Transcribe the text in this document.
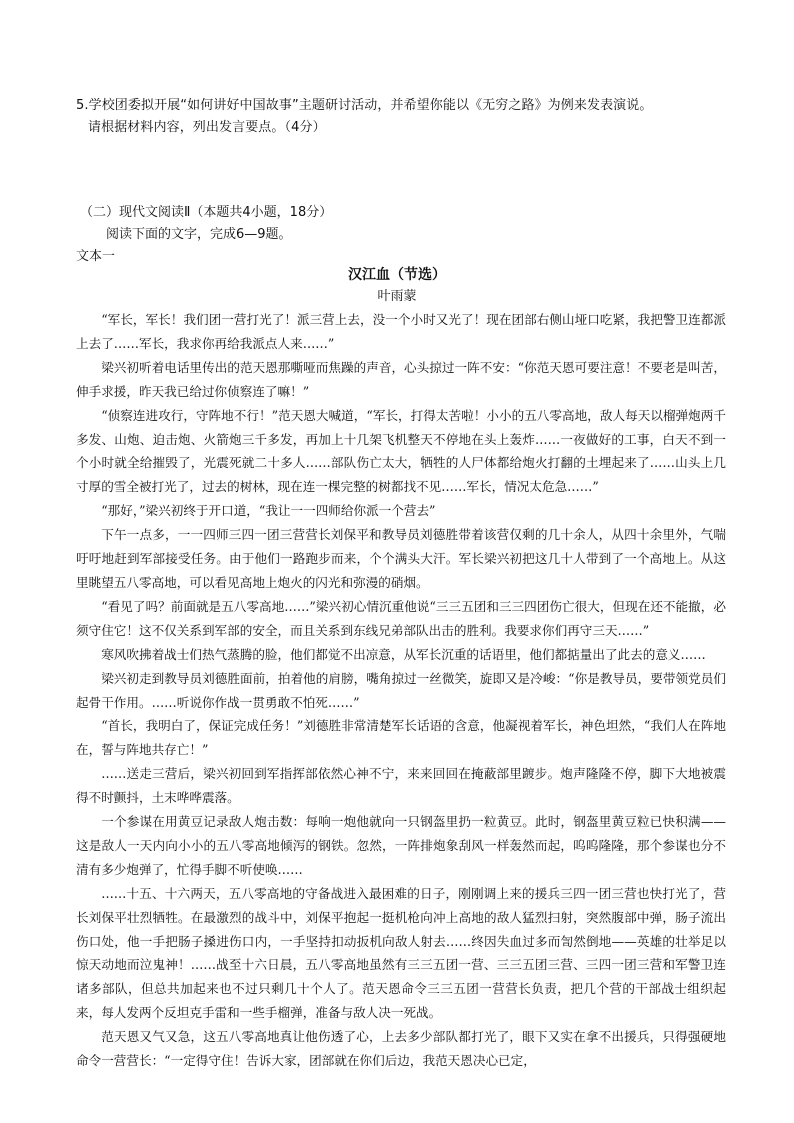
5.学校团委拟开展“如何讲好中国故事”主题研讨活动，并希望你能以《无穷之路》为例来发表演说。
请根据材料内容，列出发言要点。（4分）
（二）现代文阅读Ⅱ（本题共4小题，18分）
阅读下面的文字，完成6—9题。
文本一
汉江血（节选）
叶雨蒙

“军长，军长！我们团一营打光了！派三营上去，没一个小时又光了！现在团部右侧山垭口吃紧，我把警卫连都派上去了……军长，我求你再给我派点人来……”

梁兴初听着电话里传出的范天恩那嘶哑而焦躁的声音，心头掠过一阵不安：“你范天恩可要注意！不要老是叫苦，伸手求援，昨天我已给过你侦察连了嘛！”

“侦察连进攻行，守阵地不行！”范天恩大喊道，“军长，打得太苦啦！小小的五八零高地，敌人每天以榴弹炮两千多发、山炮、迫击炮、火箭炮三千多发，再加上十几架飞机整天不停地在头上轰炸……一夜做好的工事，白天不到一个小时就全给摧毁了，光震死就二十多人……部队伤亡太大，牺牲的人尸体都给炮火打翻的土埋起来了……山头上几寸厚的雪全被打光了，过去的树林，现在连一棵完整的树都找不见……军长，情况太危急……”

“那好，”梁兴初终于开口道，“我让一一四师给你派一个营去”

下午一点多，一一四师三四一团三营营长刘保平和教导员刘德胜带着该营仅剩的几十余人，从四十余里外，气喘吁吁地赶到军部接受任务。由于他们一路跑步而来，个个满头大汗。军长梁兴初把这几十人带到了一个高地上。从这里眺望五八零高地，可以看见高地上炮火的闪光和弥漫的硝烟。

“看见了吗？前面就是五八零高地……”梁兴初心情沉重他说“三三五团和三三四团伤亡很大，但现在还不能撤，必须守住它！这不仅关系到军部的安全，而且关系到东线兄弟部队出击的胜利。我要求你们再守三天……”

寒风吹拂着战士们热气蒸腾的脸，他们都觉不出凉意，从军长沉重的话语里，他们都掂量出了此去的意义……

梁兴初走到教导员刘德胜面前，拍着他的肩膀，嘴角掠过一丝微笑，旋即又是冷峻：“你是教导员，要带领党员们起骨干作用。……听说你作战一贯勇敢不怕死……”

“首长，我明白了，保证完成任务！”刘德胜非常清楚军长话语的含意，他凝视着军长，神色坦然，“我们人在阵地在，誓与阵地共存亡！”

……送走三营后，梁兴初回到军指挥部依然心神不宁，来来回回在掩蔽部里踱步。炮声隆隆不停，脚下大地被震得不时颤抖，土末哗哗震落。

一个参谋在用黄豆记录敌人炮击数：每响一炮他就向一只钢盔里扔一粒黄豆。此时，钢盔里黄豆粒已快积满——这是敌人一天内向小小的五八零高地倾泻的钢铁。忽然，一阵排炮象刮风一样轰然而起，呜呜隆隆，那个参谋也分不清有多少炮弹了，忙得手脚不听使唤……

……十五、十六两天，五八零高地的守备战进入最困难的日子，刚刚调上来的援兵三四一团三营也快打光了，营长刘保平壮烈牺牲。在最激烈的战斗中，刘保平抱起一挺机枪向冲上高地的敌人猛烈扫射，突然腹部中弹，肠子流出伤口处，他一手把肠子搡进伤口内，一手坚持扣动扳机向敌人射去……终因失血过多而訇然倒地——英雄的壮举足以惊天动地而泣鬼神！……战至十六日晨，五八零高地虽然有三三五团一营、三三五团三营、三四一团三营和军警卫连诸多部队，但总共加起来也不过只剩几十个人了。范天恩命令三三五团一营营长负责，把几个营的干部战士组织起来，每人发两个反坦克手雷和一些手榴弹，准备与敌人决一死战。

范天恩又气又急，这五八零高地真让他伤透了心，上去多少部队都打光了，眼下又实在拿不出援兵，只得强硬地命令一营营长：“一定得守住！告诉大家，团部就在你们后边，我范天恩决心已定，
